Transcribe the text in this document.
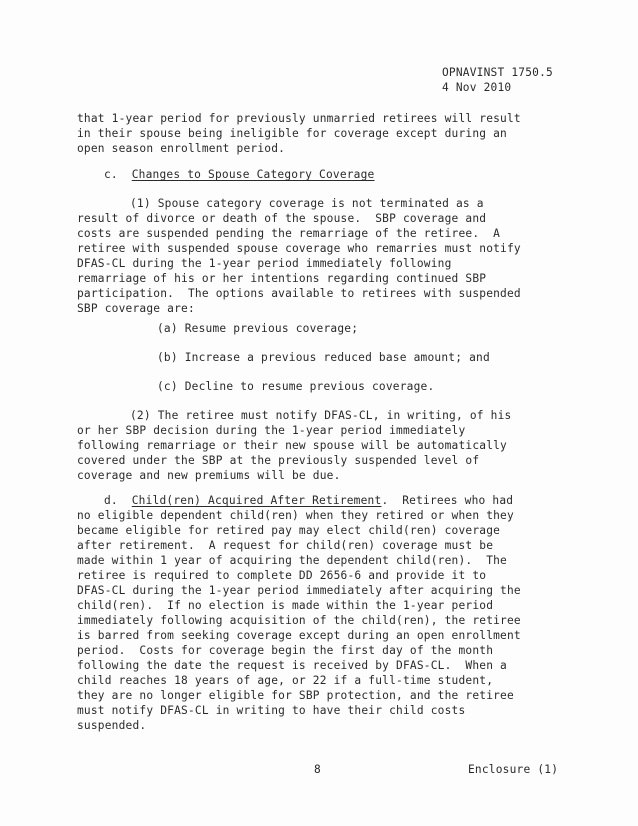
OPNAVINST 1750.5
4 Nov 2010
that 1-year period for previously unmarried retirees will result
in their spouse being ineligible for coverage except during an
open season enrollment period.
c. Changes to Spouse Category Coverage
(1) Spouse category coverage is not terminated as a
result of divorce or death of the spouse.  SBP coverage and
costs are suspended pending the remarriage of the retiree.  A
retiree with suspended spouse coverage who remarries must notify
DFAS-CL during the 1-year period immediately following
remarriage of his or her intentions regarding continued SBP
participation.  The options available to retirees with suspended
SBP coverage are:
(a) Resume previous coverage;
(b) Increase a previous reduced base amount; and
(c) Decline to resume previous coverage.
(2) The retiree must notify DFAS-CL, in writing, of his
or her SBP decision during the 1-year period immediately
following remarriage or their new spouse will be automatically
covered under the SBP at the previously suspended level of
coverage and new premiums will be due.
d. Child(ren) Acquired After Retirement.  Retirees who had
no eligible dependent child(ren) when they retired or when they
became eligible for retired pay may elect child(ren) coverage
after retirement.  A request for child(ren) coverage must be
made within 1 year of acquiring the dependent child(ren).  The
retiree is required to complete DD 2656-6 and provide it to
DFAS-CL during the 1-year period immediately after acquiring the
child(ren).  If no election is made within the 1-year period
immediately following acquisition of the child(ren), the retiree
is barred from seeking coverage except during an open enrollment
period.  Costs for coverage begin the first day of the month
following the date the request is received by DFAS-CL.  When a
child reaches 18 years of age, or 22 if a full-time student,
they are no longer eligible for SBP protection, and the retiree
must notify DFAS-CL in writing to have their child costs
suspended.
8	Enclosure (1)
